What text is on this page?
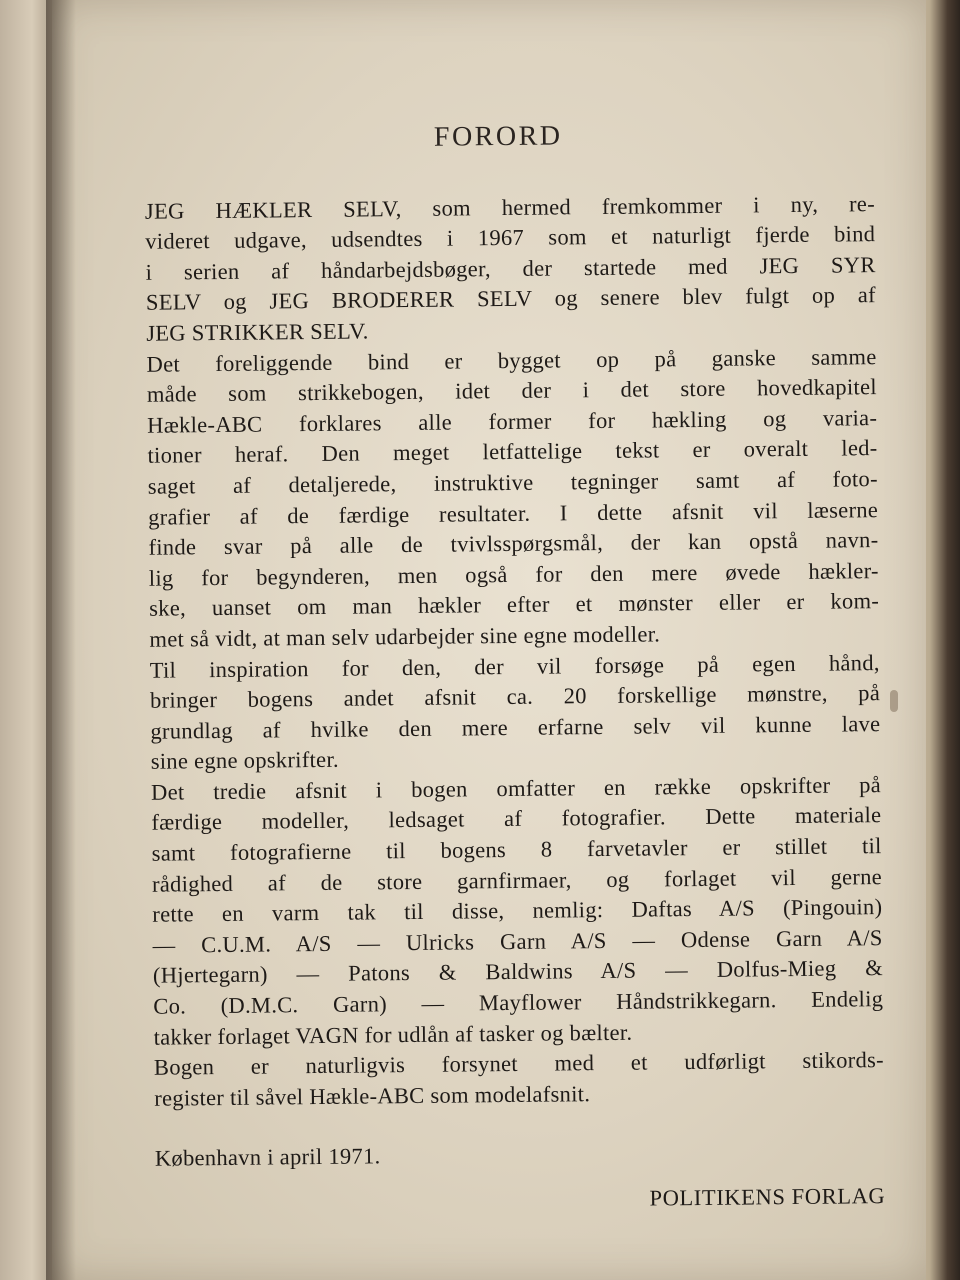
FORORD

JEG HÆKLER SELV, som hermed fremkommer i ny, re-
videret udgave, udsendtes i 1967 som et naturligt fjerde bind
i serien af håndarbejdsbøger, der startede med JEG SYR
SELV og JEG BRODERER SELV og senere blev fulgt op af
JEG STRIKKER SELV.

Det foreliggende bind er bygget op på ganske samme
måde som strikkebogen, idet der i det store hovedkapitel
Hækle-ABC forklares alle former for hækling og varia-
tioner heraf. Den meget letfattelige tekst er overalt led-
saget af detaljerede, instruktive tegninger samt af foto-
grafier af de færdige resultater. I dette afsnit vil læserne
finde svar på alle de tvivlsspørgsmål, der kan opstå navn-
lig for begynderen, men også for den mere øvede hækler-
ske, uanset om man hækler efter et mønster eller er kom-
met så vidt, at man selv udarbejder sine egne modeller.

Til inspiration for den, der vil forsøge på egen hånd,
bringer bogens andet afsnit ca. 20 forskellige mønstre, på
grundlag af hvilke den mere erfarne selv vil kunne lave
sine egne opskrifter.

Det tredie afsnit i bogen omfatter en række opskrifter på
færdige modeller, ledsaget af fotografier. Dette materiale
samt fotografierne til bogens 8 farvetavler er stillet til
rådighed af de store garnfirmaer, og forlaget vil gerne
rette en varm tak til disse, nemlig: Daftas A/S (Pingouin)
— C.U.M. A/S — Ulricks Garn A/S — Odense Garn A/S
(Hjertegarn) — Patons & Baldwins A/S — Dolfus-Mieg &
Co. (D.M.C. Garn) — Mayflower Håndstrikkegarn. Endelig
takker forlaget VAGN for udlån af tasker og bælter.

Bogen er naturligvis forsynet med et udførligt stikords-
register til såvel Hækle-ABC som modelafsnit.

København i april 1971.
POLITIKENS FORLAG
